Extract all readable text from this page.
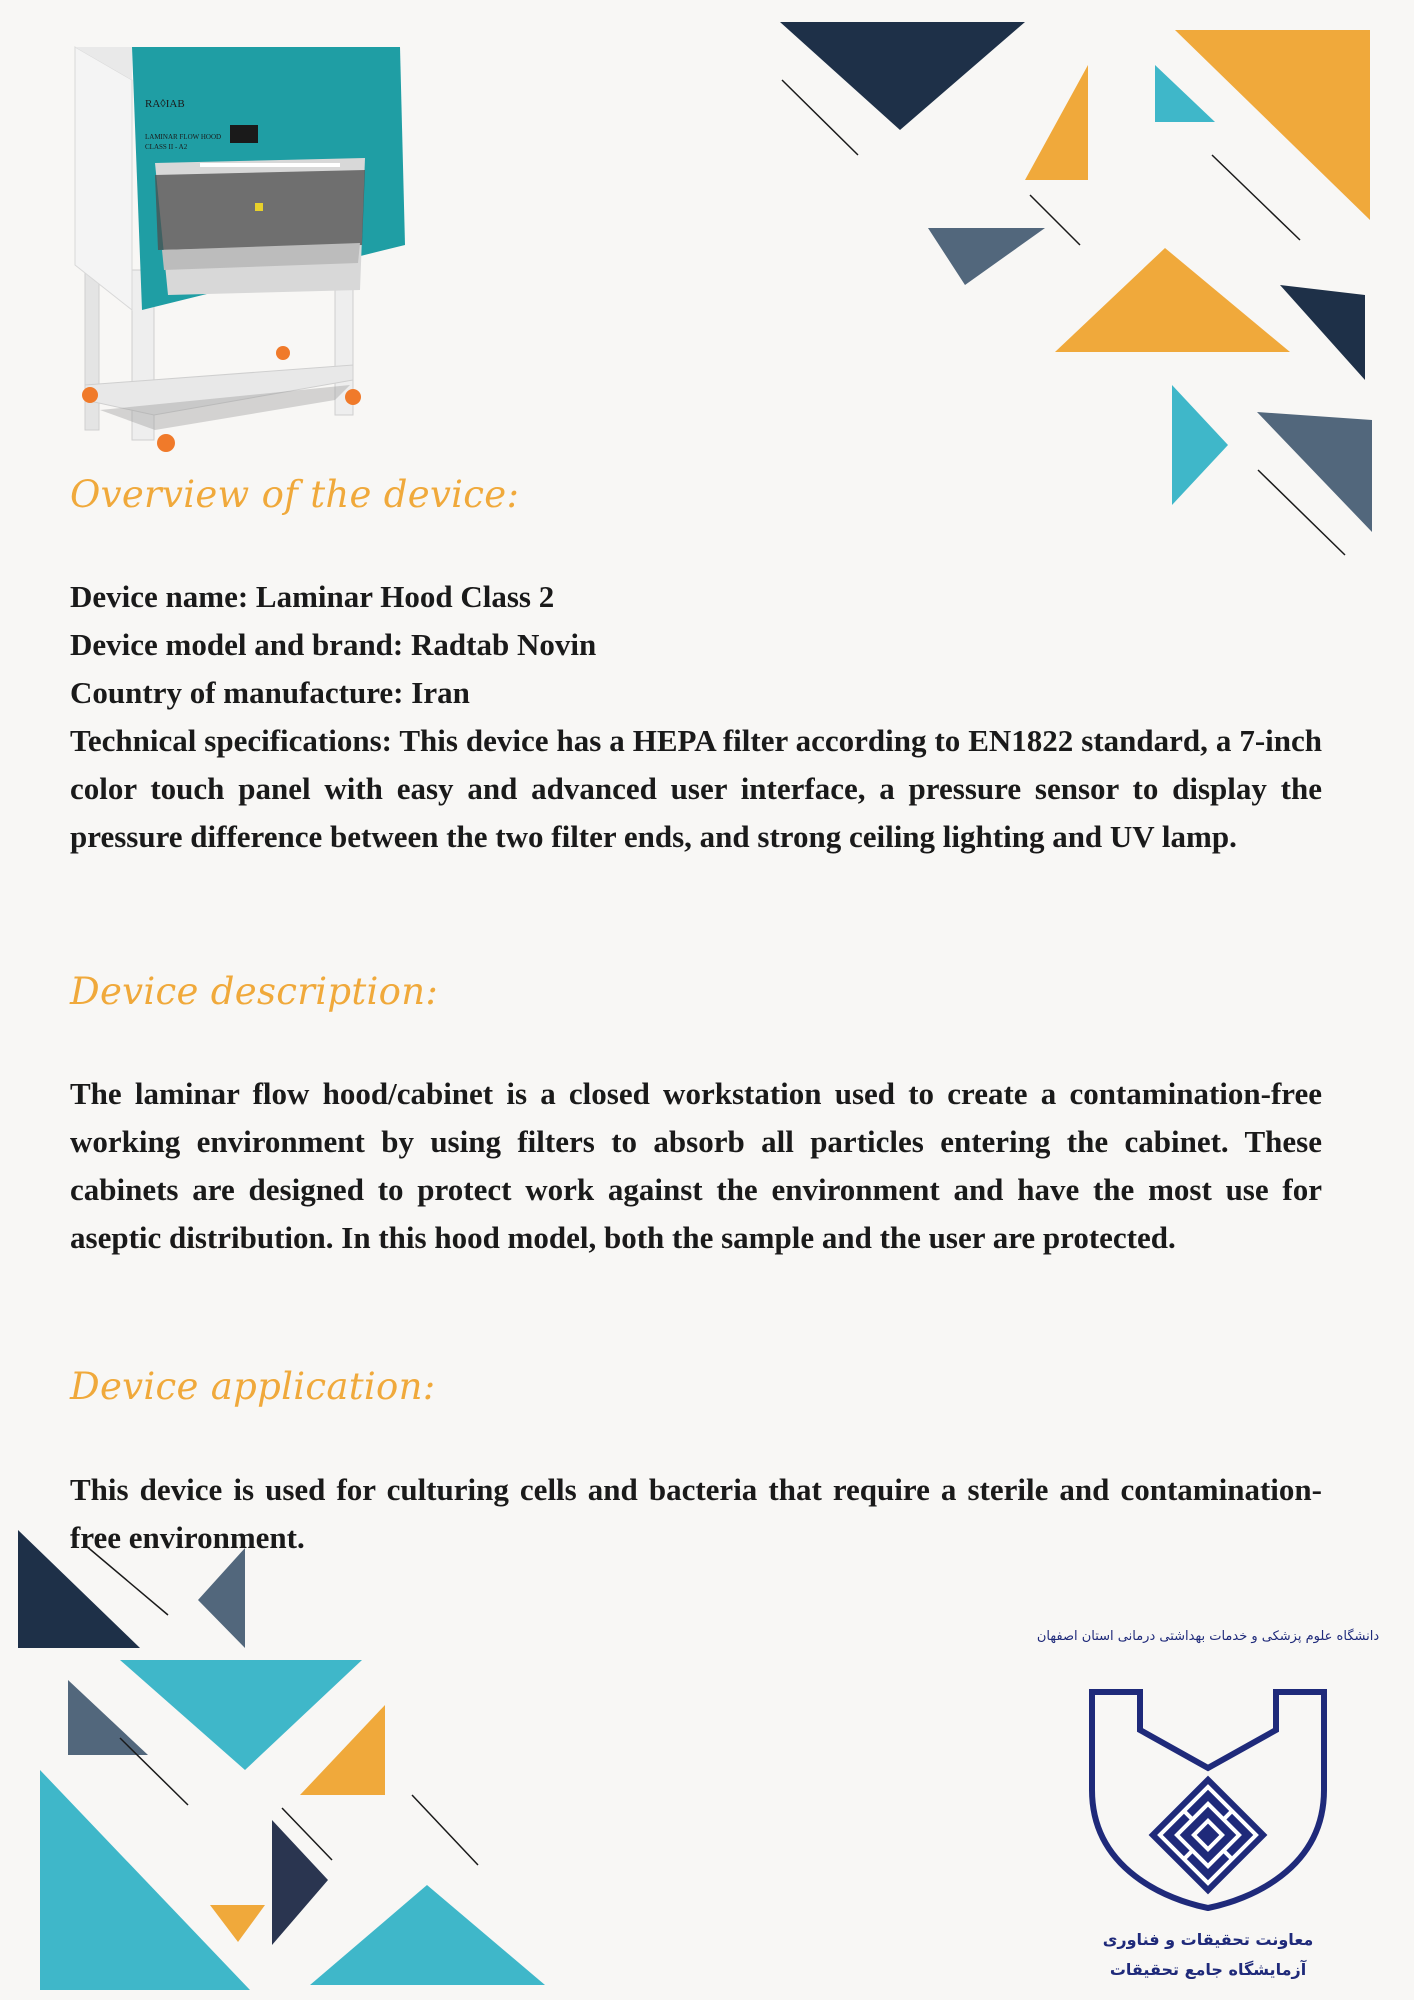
RA◊IAB
LAMINAR FLOW HOOD
CLASS II - A2
Overview of the device:

Device name: Laminar Hood Class 2

Device model and brand: Radtab Novin

Country of manufacture: Iran

Technical specifications: This device has a HEPA filter according to EN1822 standard, a 7-inch color touch panel with easy and advanced user interface, a pressure sensor to display the pressure difference between the two filter ends, and strong ceiling lighting and UV lamp.

Device description:

The laminar flow hood/cabinet is a closed workstation used to create a contamination-free working environment by using filters to absorb all particles entering the cabinet. These cabinets are designed to protect work against the environment and have the most use for aseptic distribution. In this hood model, both the sample and the user are protected.

Device application:

This device is used for culturing cells and bacteria that require a sterile and contamination-free environment.

دانشگاه علوم پزشکی و خدمات بهداشتی درمانی استان اصفهان

معاونت تحقیقات و فناوری

آزمایشگاه جامع تحقیقات
